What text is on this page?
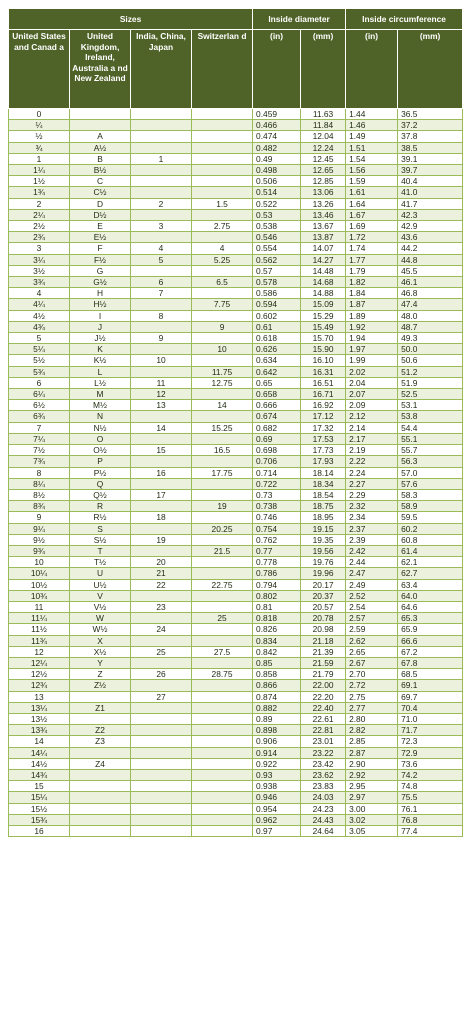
Sizes				Inside diameter		Inside circumference	
United States and Canad a	United Kingdom, Ireland, Australia a nd New Zealand	India, China, Japan	Switzerlan d	(in)	(mm)	(in)	(mm)
0				0.459	11.63	1.44	36.5
¼				0.466	11.84	1.46	37.2
½	A			0.474	12.04	1.49	37.8
¾	A½			0.482	12.24	1.51	38.5
1	B	1		0.49	12.45	1.54	39.1
1¼	B½			0.498	12.65	1.56	39.7
1½	C			0.506	12.85	1.59	40.4
1¾	C½			0.514	13.06	1.61	41.0
2	D	2	1.5	0.522	13.26	1.64	41.7
2¼	D½			0.53	13.46	1.67	42.3
2½	E	3	2.75	0.538	13.67	1.69	42.9
2¾	E½			0.546	13.87	1.72	43.6
3	F	4	4	0.554	14.07	1.74	44.2
3¼	F½	5	5.25	0.562	14.27	1.77	44.8
3½	G			0.57	14.48	1.79	45.5
3¾	G½	6	6.5	0.578	14.68	1.82	46.1
4	H	7		0.586	14.88	1.84	46.8
4¼	H½		7.75	0.594	15.09	1.87	47.4
4½	I	8		0.602	15.29	1.89	48.0
4¾	J		9	0.61	15.49	1.92	48.7
5	J½	9		0.618	15.70	1.94	49.3
5¼	K		10	0.626	15.90	1.97	50.0
5½	K½	10		0.634	16.10	1.99	50.6
5¾	L		11.75	0.642	16.31	2.02	51.2
6	L½	11	12.75	0.65	16.51	2.04	51.9
6¼	M	12		0.658	16.71	2.07	52.5
6½	M½	13	14	0.666	16.92	2.09	53.1
6¾	N			0.674	17.12	2.12	53.8
7	N½	14	15.25	0.682	17.32	2.14	54.4
7¼	O			0.69	17.53	2.17	55.1
7½	O½	15	16.5	0.698	17.73	2.19	55.7
7¾	P			0.706	17.93	2.22	56.3
8	P½	16	17.75	0.714	18.14	2.24	57.0
8¼	Q			0.722	18.34	2.27	57.6
8½	Q½	17		0.73	18.54	2.29	58.3
8¾	R		19	0.738	18.75	2.32	58.9
9	R½	18		0.746	18.95	2.34	59.5
9¼	S		20.25	0.754	19.15	2.37	60.2
9½	S½	19		0.762	19.35	2.39	60.8
9¾	T		21.5	0.77	19.56	2.42	61.4
10	T½	20		0.778	19.76	2.44	62.1
10¼	U	21		0.786	19.96	2.47	62.7
10½	U½	22	22.75	0.794	20.17	2.49	63.4
10¾	V			0.802	20.37	2.52	64.0
11	V½	23		0.81	20.57	2.54	64.6
11¼	W		25	0.818	20.78	2.57	65.3
11½	W½	24		0.826	20.98	2.59	65.9
11¾	X			0.834	21.18	2.62	66.6
12	X½	25	27.5	0.842	21.39	2.65	67.2
12¼	Y			0.85	21.59	2.67	67.8
12½	Z	26	28.75	0.858	21.79	2.70	68.5
12¾	Z½			0.866	22.00	2.72	69.1
13		27		0.874	22.20	2.75	69.7
13¼	Z1			0.882	22.40	2.77	70.4
13½				0.89	22.61	2.80	71.0
13¾	Z2			0.898	22.81	2.82	71.7
14	Z3			0.906	23.01	2.85	72.3
14¼				0.914	23.22	2.87	72.9
14½	Z4			0.922	23.42	2.90	73.6
14¾				0.93	23.62	2.92	74.2
15				0.938	23.83	2.95	74.8
15¼				0.946	24.03	2.97	75.5
15½				0.954	24.23	3.00	76.1
15¾				0.962	24.43	3.02	76.8
16				0.97	24.64	3.05	77.4
